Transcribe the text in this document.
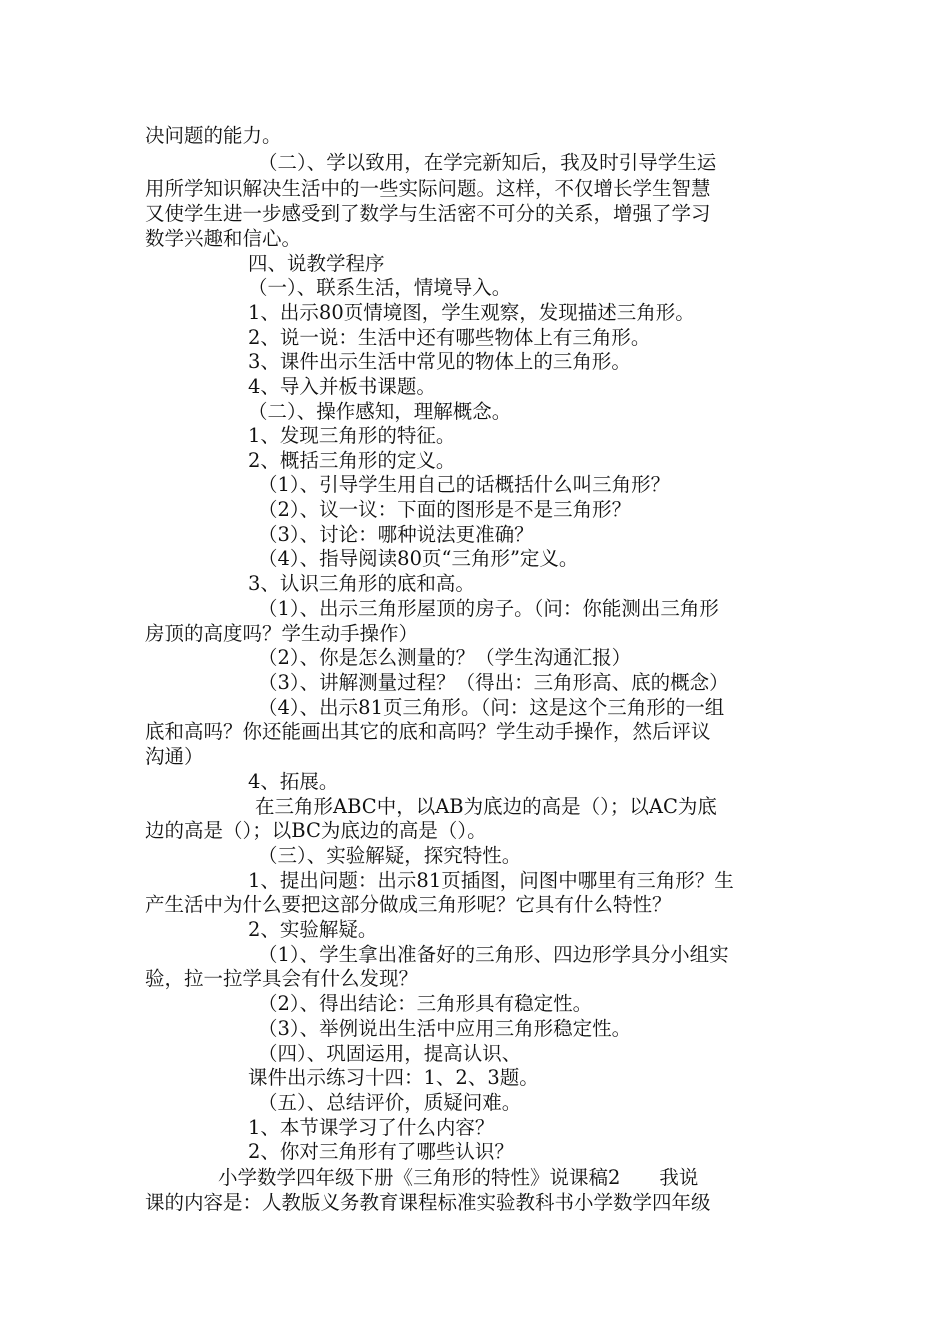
决问题的能力。
（二）、学以致用，在学完新知后，我及时引导学生运
用所学知识解决生活中的一些实际问题。这样，不仅增长学生智慧
又使学生进一步感受到了数学与生活密不可分的关系，增强了学习
数学兴趣和信心。
四、说教学程序
（一）、联系生活，情境导入。
1、出示80页情境图，学生观察，发现描述三角形。
2、说一说：生活中还有哪些物体上有三角形。
3、课件出示生活中常见的物体上的三角形。
4、导入并板书课题。
（二）、操作感知，理解概念。
1、发现三角形的特征。
2、概括三角形的定义。
（1）、引导学生用自己的话概括什么叫三角形？
（2）、议一议：下面的图形是不是三角形？
（3）、讨论：哪种说法更准确？
（4）、指导阅读80页“三角形”定义。
3、认识三角形的底和高。
（1）、出示三角形屋顶的房子。（问：你能测出三角形
房顶的高度吗？学生动手操作）
（2）、你是怎么测量的？（学生沟通汇报）
（3）、讲解测量过程？（得出：三角形高、底的概念）
（4）、出示81页三角形。（问：这是这个三角形的一组
底和高吗？你还能画出其它的底和高吗？学生动手操作，然后评议
沟通）
4、拓展。
在三角形ABC中，以AB为底边的高是（）；以AC为底
边的高是（）；以BC为底边的高是（）。
（三）、实验解疑，探究特性。
1、提出问题：出示81页插图，问图中哪里有三角形？生
产生活中为什么要把这部分做成三角形呢？它具有什么特性？
2、实验解疑。
（1）、学生拿出准备好的三角形、四边形学具分小组实
验，拉一拉学具会有什么发现？
（2）、得出结论：三角形具有稳定性。
（3）、举例说出生活中应用三角形稳定性。
（四）、巩固运用，提高认识、
课件出示练习十四：1、2、3题。
（五）、总结评价，质疑问难。
1、本节课学习了什么内容？
2、你对三角形有了哪些认识？
小学数学四年级下册《三角形的特性》说课稿2　　我说
课的内容是：人教版义务教育课程标准实验教科书小学数学四年级
